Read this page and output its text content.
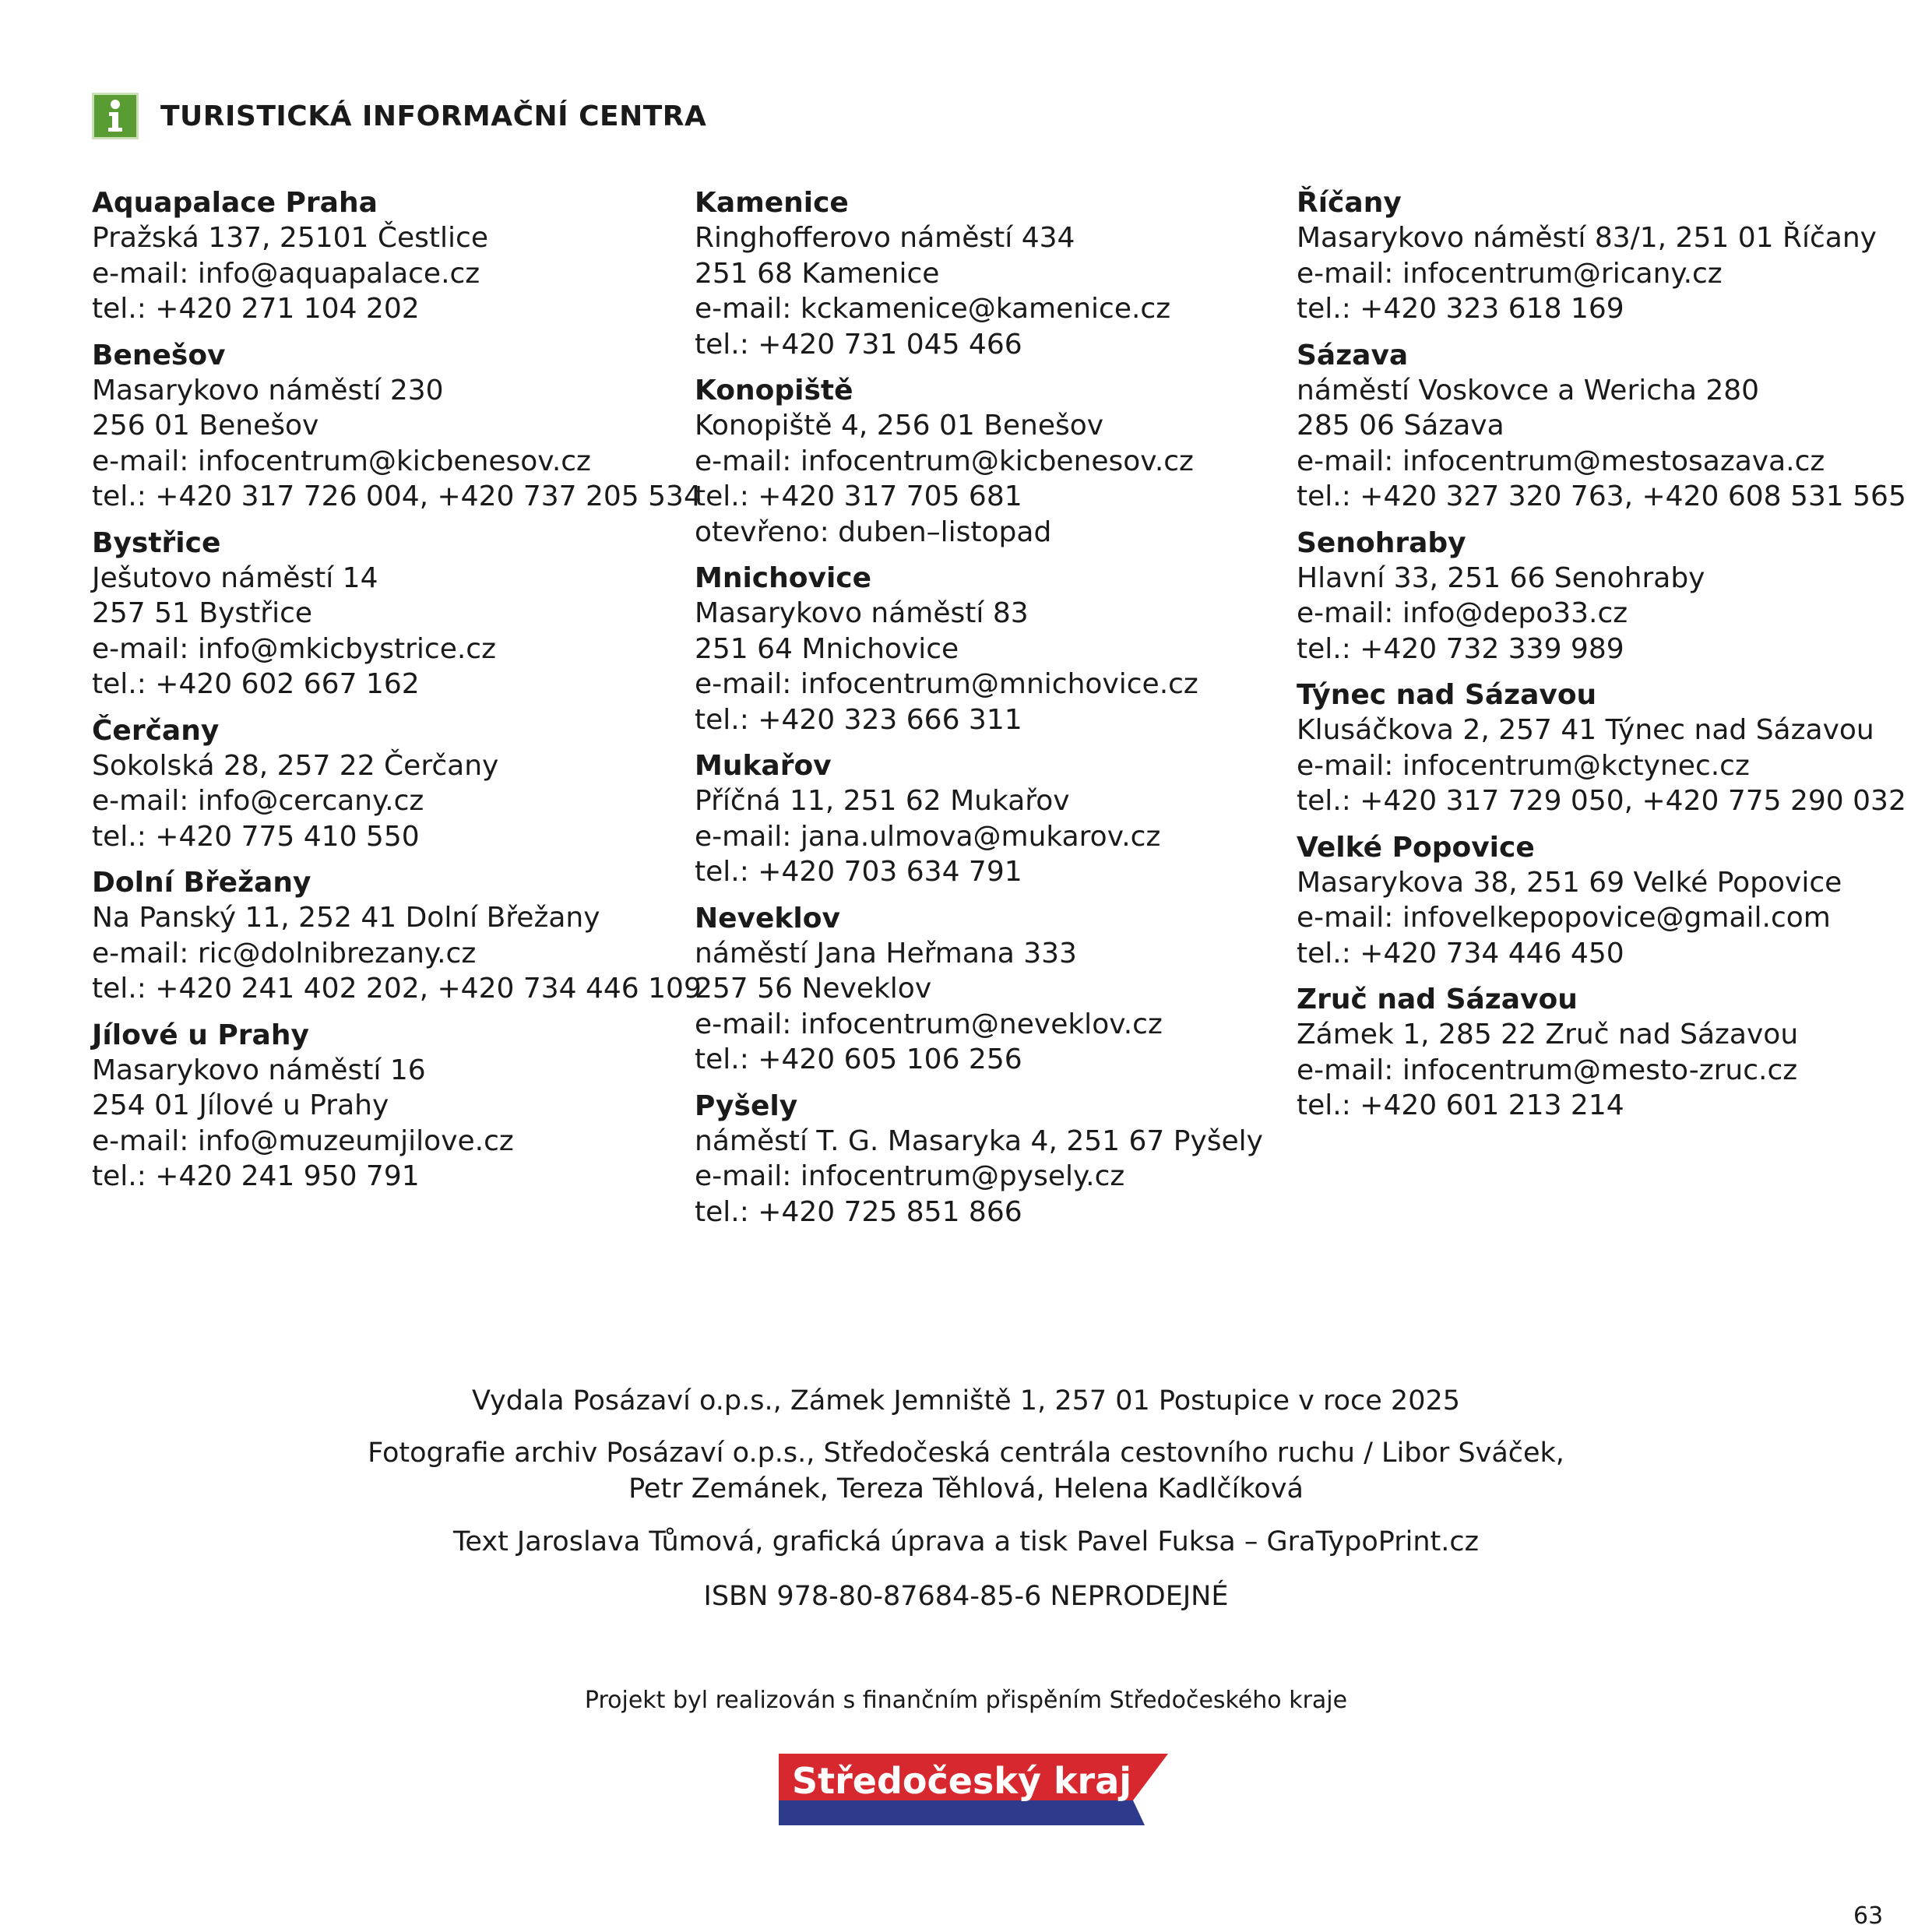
TURISTICKÁ INFORMAČNÍ CENTRA
Aquapalace Praha
Pražská 137, 25101 Čestlice
e-mail: info@aquapalace.cz
tel.: +420 271 104 202
Benešov
Masarykovo náměstí 230
256 01 Benešov
e-mail: infocentrum@kicbenesov.cz
tel.: +420 317 726 004, +420 737 205 534
Bystřice
Ješutovo náměstí 14
257 51 Bystřice
e-mail: info@mkicbystrice.cz
tel.: +420 602 667 162
Čerčany
Sokolská 28, 257 22 Čerčany
e-mail: info@cercany.cz
tel.: +420 775 410 550
Dolní Břežany
Na Panský 11, 252 41 Dolní Břežany
e-mail: ric@dolnibrezany.cz
tel.: +420 241 402 202, +420 734 446 109
Jílové u Prahy
Masarykovo náměstí 16
254 01 Jílové u Prahy
e-mail: info@muzeumjilove.cz
tel.: +420 241 950 791
Kamenice
Ringhofferovo náměstí 434
251 68 Kamenice
e-mail: kckamenice@kamenice.cz
tel.: +420 731 045 466
Konopiště
Konopiště 4, 256 01 Benešov
e-mail: infocentrum@kicbenesov.cz
tel.: +420 317 705 681
otevřeno: duben–listopad
Mnichovice
Masarykovo náměstí 83
251 64 Mnichovice
e-mail: infocentrum@mnichovice.cz
tel.: +420 323 666 311
Mukařov
Příčná 11, 251 62 Mukařov
e-mail: jana.ulmova@mukarov.cz
tel.: +420 703 634 791
Neveklov
náměstí Jana Heřmana 333
257 56 Neveklov
e-mail: infocentrum@neveklov.cz
tel.: +420 605 106 256
Pyšely
náměstí T. G. Masaryka 4, 251 67 Pyšely
e-mail: infocentrum@pysely.cz
tel.: +420 725 851 866
Říčany
Masarykovo náměstí 83/1, 251 01 Říčany
e-mail: infocentrum@ricany.cz
tel.: +420 323 618 169
Sázava
náměstí Voskovce a Wericha 280
285 06 Sázava
e-mail: infocentrum@mestosazava.cz
tel.: +420 327 320 763, +420 608 531 565
Senohraby
Hlavní 33, 251 66 Senohraby
e-mail: info@depo33.cz
tel.: +420 732 339 989
Týnec nad Sázavou
Klusáčkova 2, 257 41 Týnec nad Sázavou
e-mail: infocentrum@kctynec.cz
tel.: +420 317 729 050, +420 775 290 032
Velké Popovice
Masarykova 38, 251 69 Velké Popovice
e-mail: infovelkepopovice@gmail.com
tel.: +420 734 446 450
Zruč nad Sázavou
Zámek 1, 285 22 Zruč nad Sázavou
e-mail: infocentrum@mesto-zruc.cz
tel.: +420 601 213 214
Vydala Posázaví o.p.s., Zámek Jemniště 1, 257 01 Postupice v roce 2025
Fotografie archiv Posázaví o.p.s., Středočeská centrála cestovního ruchu / Libor Sváček,
Petr Zemánek, Tereza Těhlová, Helena Kadlčíková
Text Jaroslava Tůmová, grafická úprava a tisk Pavel Fuksa – GraTypoPrint.cz
ISBN 978-80-87684-85-6 NEPRODEJNÉ
Projekt byl realizován s finančním přispěním Středočeského kraje
Středočeský kraj
63
